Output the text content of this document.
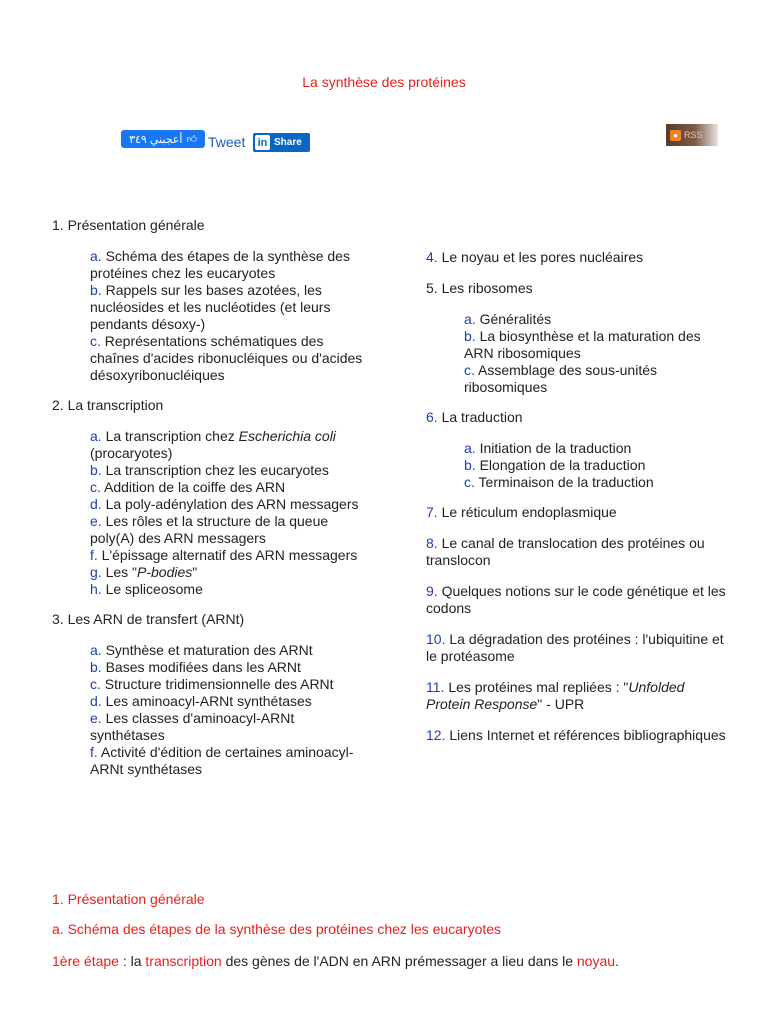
La synthèse des protéines
👍︎
أعجبني ٣٤٩ Tweet in Share
● RSS
1. Présentation générale
a. Schéma des étapes de la synthèse des protéines chez les eucaryotes
b. Rappels sur les bases azotées, les nucléosides et les nucléotides (et leurs pendants désoxy-)
c. Représentations schématiques des chaînes d'acides ribonucléiques ou d'acides désoxyribonucléiques
2. La transcription
a. La transcription chez Escherichia coli (procaryotes)
b. La transcription chez les eucaryotes
c. Addition de la coiffe des ARN
d. La poly-adénylation des ARN messagers
e. Les rôles et la structure de la queue poly(A) des ARN messagers
f. L'épissage alternatif des ARN messagers
g. Les "P-bodies"
h. Le spliceosome
3. Les ARN de transfert (ARNt)
a. Synthèse et maturation des ARNt
b. Bases modifiées dans les ARNt
c. Structure tridimensionnelle des ARNt
d. Les aminoacyl-ARNt synthétases
e. Les classes d'aminoacyl-ARNt synthétases
f. Activité d'édition de certaines aminoacyl-ARNt synthétases
4. Le noyau et les pores nucléaires
5. Les ribosomes
a. Généralités
b. La biosynthèse et la maturation des ARN ribosomiques
c. Assemblage des sous-unités ribosomiques
6. La traduction
a. Initiation de la traduction
b. Elongation de la traduction
c. Terminaison de la traduction
7. Le réticulum endoplasmique
8. Le canal de translocation des protéines ou translocon
9. Quelques notions sur le code génétique et les codons
10. La dégradation des protéines : l'ubiquitine et le protéasome
11. Les protéines mal repliées : "Unfolded Protein Response" - UPR
12. Liens Internet et références bibliographiques
1. Présentation générale
a. Schéma des étapes de la synthèse des protéines chez les eucaryotes
1ère étape : la transcription des gènes de l'ADN en ARN prémessager a lieu dans le noyau.
